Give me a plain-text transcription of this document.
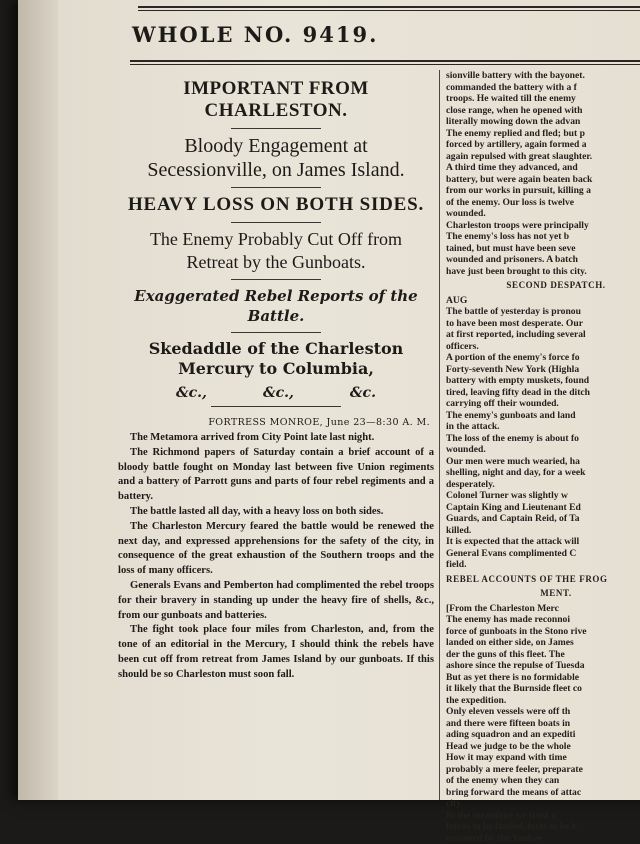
WHOLE NO. 9419.
IMPORTANT FROM CHARLESTON.
Bloody Engagement at Secessionville, on James Island.
HEAVY LOSS ON BOTH SIDES.
The Enemy Probably Cut Off from Retreat by the Gunboats.
Exaggerated Rebel Reports of the Battle.
Skedaddle of the Charleston Mercury to Columbia,
&c.,	&c.,	&c.
FORTRESS MONROE, June 23—8:30 A. M.

The Metamora arrived from City Point late last night.

The Richmond papers of Saturday contain a brief account of a bloody battle fought on Monday last between five Union regiments and a battery of Parrott guns and parts of four rebel regiments and a battery.

The battle lasted all day, with a heavy loss on both sides.

The Charleston Mercury feared the battle would be renewed the next day, and expressed apprehensions for the safety of the city, in consequence of the great exhaustion of the Southern troops and the loss of many officers.

Generals Evans and Pemberton had complimented the rebel troops for their bravery in standing up under the heavy fire of shells, &c., from our gunboats and batteries.

The fight took place four miles from Charleston, and, from the tone of an editorial in the Mercury, I should think the rebels have been cut off from retreat from James Island by our gunboats. If this should be so Charleston must soon fall.

sionville battery with the bayonet.
commanded the battery with a f
troops. He waited till the enemy
close range, when he opened with
literally mowing down the advan
The enemy replied and fled; but p
forced by artillery, again formed a
again repulsed with great slaughter.
A third time they advanced, and
battery, but were again beaten back
from our works in pursuit, killing a
of the enemy. Our loss is twelve
wounded.
Charleston troops were principally
The enemy's loss has not yet b
tained, but must have been seve
wounded and prisoners. A batch
have just been brought to this city.
SECOND DESPATCH.
AUG
The battle of yesterday is pronou
to have been most desperate. Our
at first reported, including several
officers.
A portion of the enemy's force fo
Forty-seventh New York (Highla
battery with empty muskets, found
tired, leaving fifty dead in the ditch
carrying off their wounded.
The enemy's gunboats and land
in the attack.
The loss of the enemy is about fo
wounded.
Our men were much wearied, ha
shelling, night and day, for a week
desperately.
Colonel Turner was slightly w
Captain King and Lieutenant Ed
Guards, and Captain Reid, of Ta
killed.
It is expected that the attack will
General Evans complimented C
field.
REBEL ACCOUNTS OF THE FROG
MENT.
[From the Charleston Merc
The enemy has made reconnoi
force of gunboats in the Stono rive
landed on either side, on James
der the guns of this fleet. The
ashore since the repulse of Tuesda
But as yet there is no formidable
it likely that the Burnside fleet co
the expedition.
Only eleven vessels were off th
and there were fifteen boats in
ading squadron and an expediti
Head we judge to be the whole
How it may expand with time
probably a mere feeler, preparate
of the enemy when they can
bring forward the means of attac
city.
In the meantime we trust o
forces to be landed, forts to be b
mounted by the Yankee
